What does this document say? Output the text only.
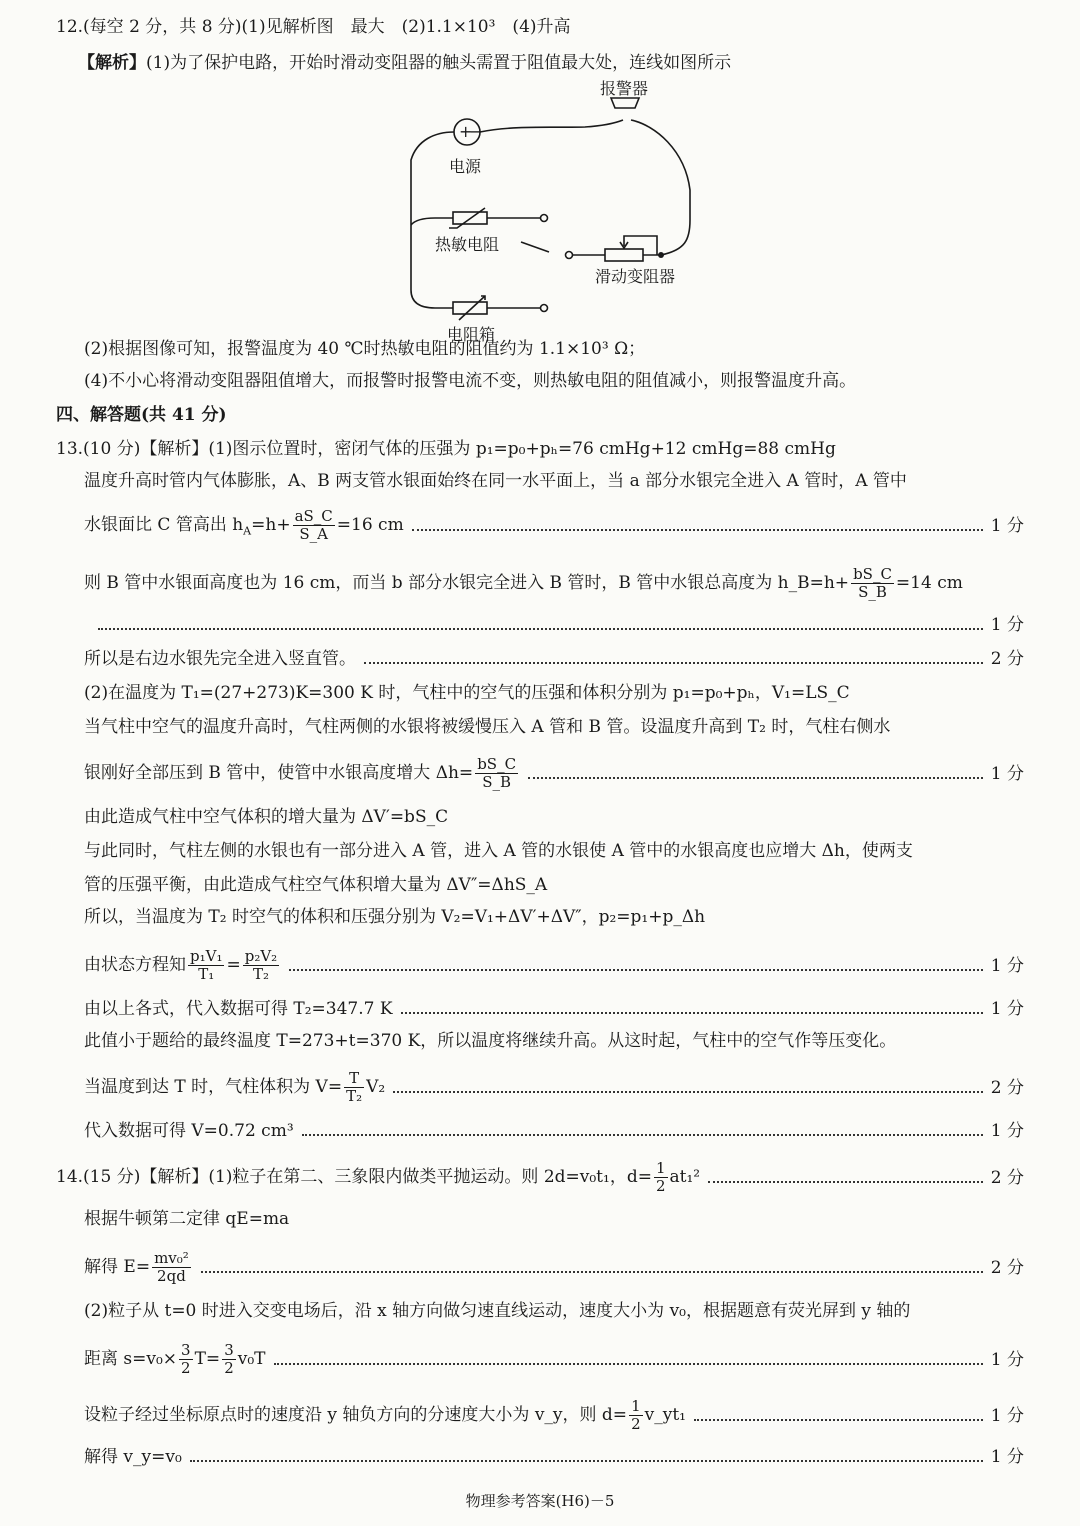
12.(每空 2 分，共 8 分)(1)见解析图　最大　(2)1.1×10³　(4)升高
【解析】(1)为了保护电路，开始时滑动变阻器的触头需置于阻值最大处，连线如图所示
+
−
报警器
电源
热敏电阻
滑动变阻器
电阻箱
(2)根据图像可知，报警温度为 40 ℃时热敏电阻的阻值约为 1.1×10³ Ω；
(4)不小心将滑动变阻器阻值增大，而报警时报警电流不变，则热敏电阻的阻值减小，则报警温度升高。
四、解答题(共 41 分)
13.(10 分)【解析】(1)图示位置时，密闭气体的压强为 p₁=p₀+pₕ=76 cmHg+12 cmHg=88 cmHg
温度升高时管内气体膨胀，A、B 两支管水银面始终在同一水平面上，当 a 部分水银完全进入 A 管时，A 管中
水银面比 C 管高出 $h_A=h+ \frac{aS\_C}{S\_A} =16$ cm	1 分
则 B 管中水银面高度也为 16 cm，而当 b 部分水银完全进入 B 管时，B 管中水银总高度为 h_B=h+ $\frac{bS\_C}{S\_B} =14$ cm
1 分
所以是右边水银先完全进入竖直管。	2 分
(2)在温度为 T₁=(27+273)K=300 K 时，气柱中的空气的压强和体积分别为 p₁=p₀+pₕ，V₁=LS_C
当气柱中空气的温度升高时，气柱两侧的水银将被缓慢压入 A 管和 B 管。设温度升高到 T₂ 时，气柱右侧水
银刚好全部压到 B 管中，使管中水银高度增大 $\Delta h= \frac{bS\_C}{S\_B}$	1 分
由此造成气柱中空气体积的增大量为 ΔV′=bS_C
与此同时，气柱左侧的水银也有一部分进入 A 管，进入 A 管的水银使 A 管中的水银高度也应增大 Δh，使两支
管的压强平衡，由此造成气柱空气体积增大量为 ΔV″=ΔhS_A
所以，当温度为 T₂ 时空气的体积和压强分别为 V₂=V₁+ΔV′+ΔV″，p₂=p₁+p_Δh
由状态方程知 $\frac{\text{p₁V₁}}{\text{T₁}} = \frac{\text{p₂V₂}}{\text{T₂}}$	1 分
由以上各式，代入数据可得 T₂=347.7 K	1 分
此值小于题给的最终温度 T=273+t=370 K，所以温度将继续升高。从这时起，气柱中的空气作等压变化。
当温度到达 T 时，气柱体积为 $V= \frac{T}{\text{T₂}} V_2$	2 分
代入数据可得 V=0.72 cm³	1 分
14.(15 分)【解析】(1)粒子在第二、三象限内做类平抛运动。则 2d=v₀t₁，$d= \frac{1}{2} at_1^2$	2 分
根据牛顿第二定律 qE=ma
解得 $E= \frac{\text{mv₀²}}{2qd}$	2 分
(2)粒子从 t=0 时进入交变电场后，沿 x 轴方向做匀速直线运动，速度大小为 v₀，根据题意有荧光屏到 y 轴的
距离 $s=v_0\times \frac{3}{2} T= \frac{3}{2} v_0T$	1 分
设粒子经过坐标原点时的速度沿 y 轴负方向的分速度大小为 v_y，则 $d= \frac{1}{2}$ v_yt₁	1 分
解得 v_y=v₀	1 分
物理参考答案(H6)－5
